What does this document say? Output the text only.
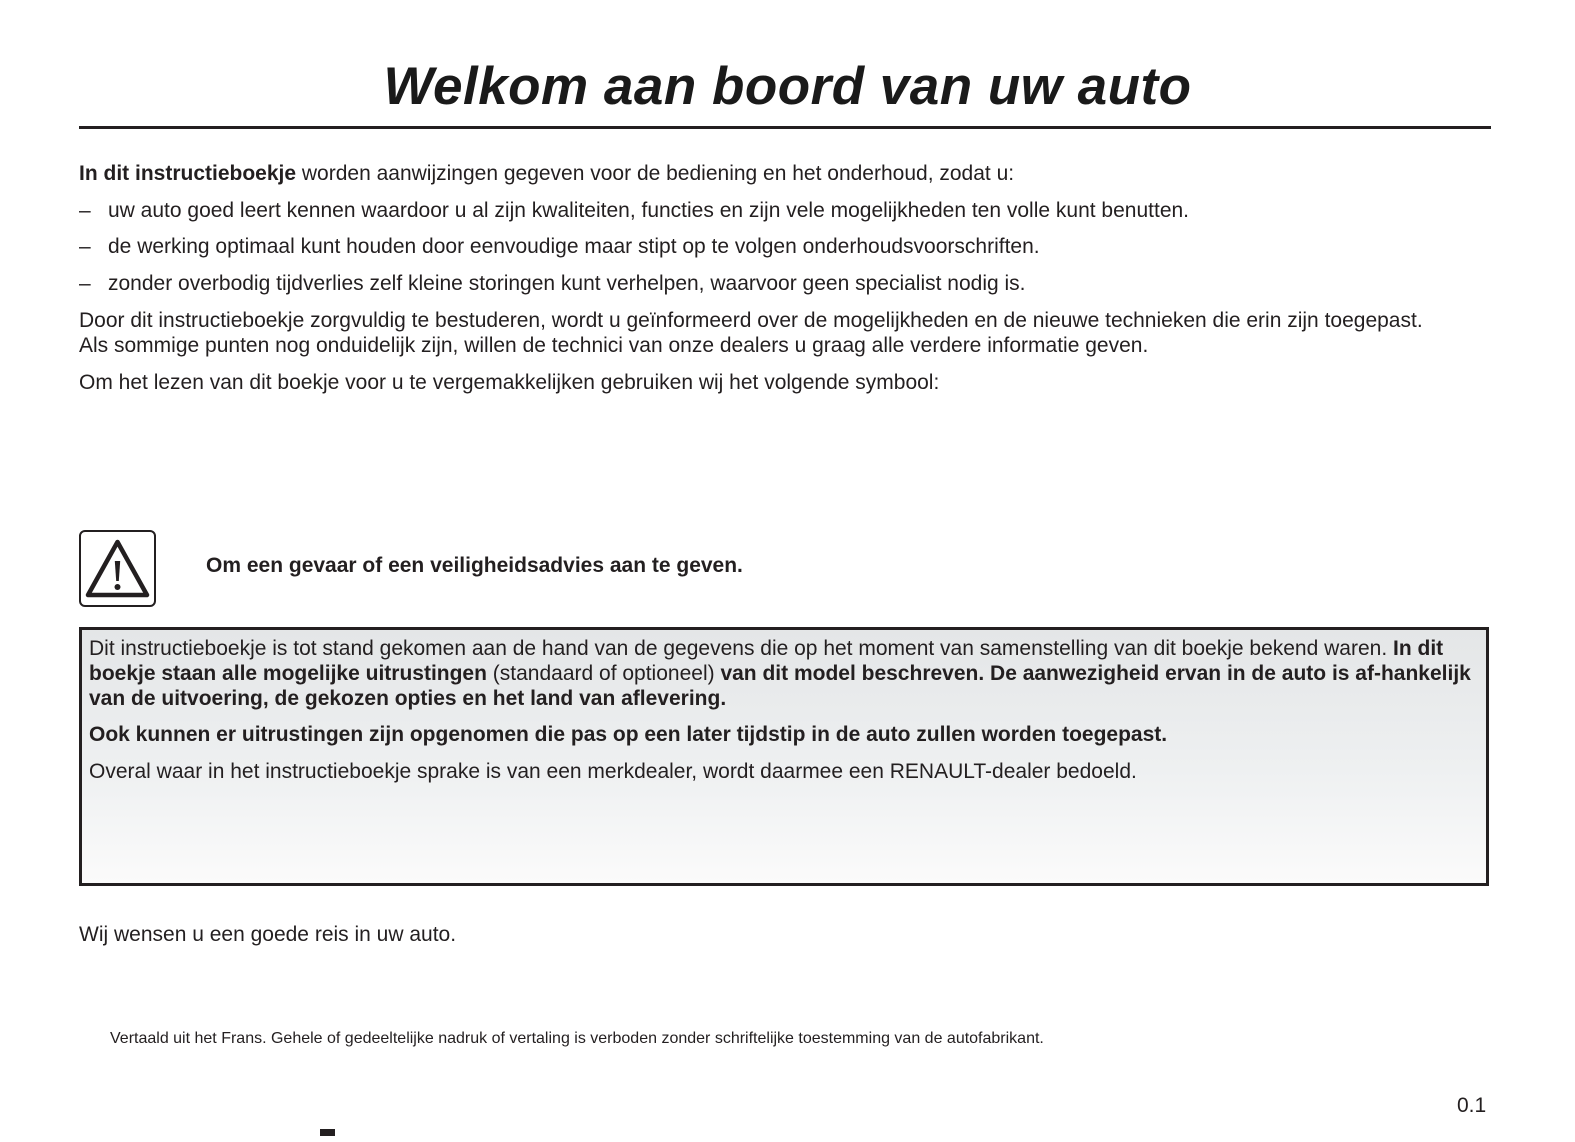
Welkom aan boord van uw auto

In dit instructieboekje worden aanwijzingen gegeven voor de bediening en het onderhoud, zodat u:

– uw auto goed leert kennen waardoor u al zijn kwaliteiten, functies en zijn vele mogelijkheden ten volle kunt benutten.

– de werking optimaal kunt houden door eenvoudige maar stipt op te volgen onderhoudsvoorschriften.

– zonder overbodig tijdverlies zelf kleine storingen kunt verhelpen, waarvoor geen specialist nodig is.

Door dit instructieboekje zorgvuldig te bestuderen, wordt u geïnformeerd over de mogelijkheden en de nieuwe technieken die erin zijn toegepast.

Als sommige punten nog onduidelijk zijn, willen de technici van onze dealers u graag alle verdere informatie geven.

Om het lezen van dit boekje voor u te vergemakkelijken gebruiken wij het volgende symbool:

Om een gevaar of een veiligheidsadvies aan te geven.

Dit instructieboekje is tot stand gekomen aan de hand van de gegevens die op het moment van samenstelling van dit boekje bekend waren. In dit boekje staan alle mogelijke uitrustingen (standaard of optioneel) van dit model beschreven. De aanwezigheid ervan in de auto is af-hankelijk van de uitvoering, de gekozen opties en het land van aflevering.

Ook kunnen er uitrustingen zijn opgenomen die pas op een later tijdstip in de auto zullen worden toegepast.

Overal waar in het instructieboekje sprake is van een merkdealer, wordt daarmee een RENAULT-dealer bedoeld.

Wij wensen u een goede reis in uw auto.

Vertaald uit het Frans. Gehele of gedeeltelijke nadruk of vertaling is verboden zonder schriftelijke toestemming van de autofabrikant.

0.1
